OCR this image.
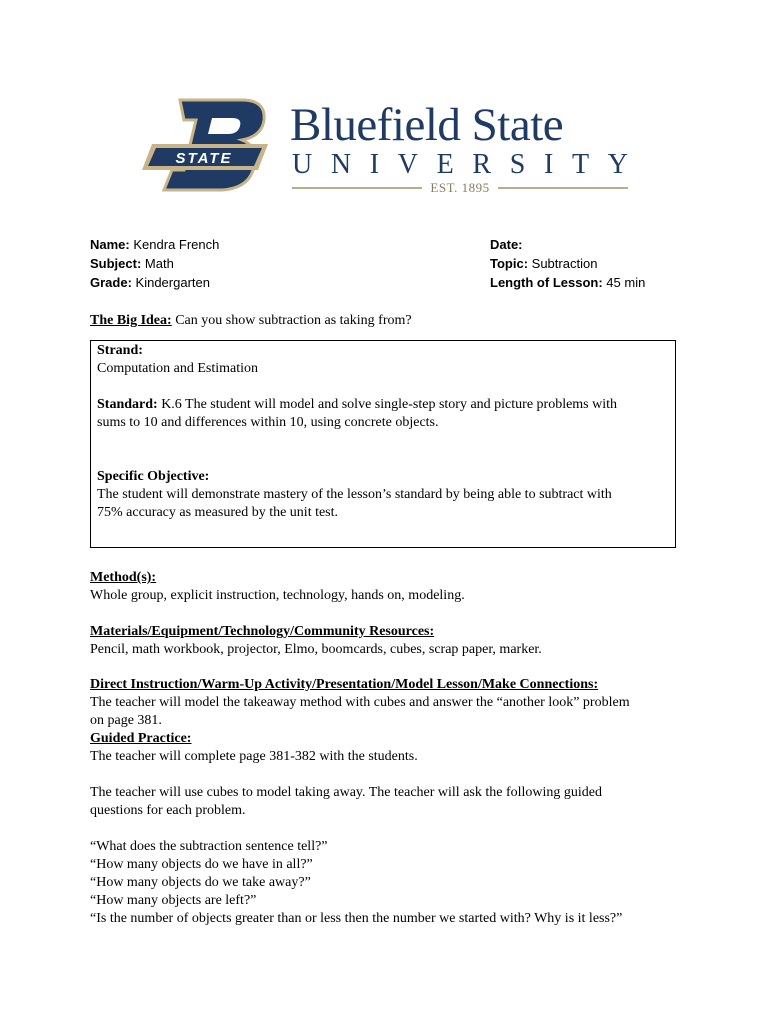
STATE
Bluefield State
U N I V E R S I T Y
EST. 1895
Name: Kendra French
Subject: Math
Grade: Kindergarten
Date:
Topic: Subtraction
Length of Lesson: 45 min
The Big Idea: Can you show subtraction as taking from?

Strand:

Computation and Estimation

Standard: K.6 The student will model and solve single-step story and picture problems with

sums to 10 and differences within 10, using concrete objects.

Specific Objective:

The student will demonstrate mastery of the lesson’s standard by being able to subtract with

75% accuracy as measured by the unit test.

Method(s):
Whole group, explicit instruction, technology, hands on, modeling.
Materials/Equipment/Technology/Community Resources:
Pencil, math workbook, projector, Elmo, boomcards, cubes, scrap paper, marker.
Direct Instruction/Warm-Up Activity/Presentation/Model Lesson/Make Connections:
The teacher will model the takeaway method with cubes and answer the “another look” problem
on page 381.
Guided Practice:
The teacher will complete page 381-382 with the students.

The teacher will use cubes to model taking away. The teacher will ask the following guided
questions for each problem.

“What does the subtraction sentence tell?”
“How many objects do we have in all?”
“How many objects do we take away?”
“How many objects are left?”
“Is the number of objects greater than or less then the number we started with? Why is it less?”
